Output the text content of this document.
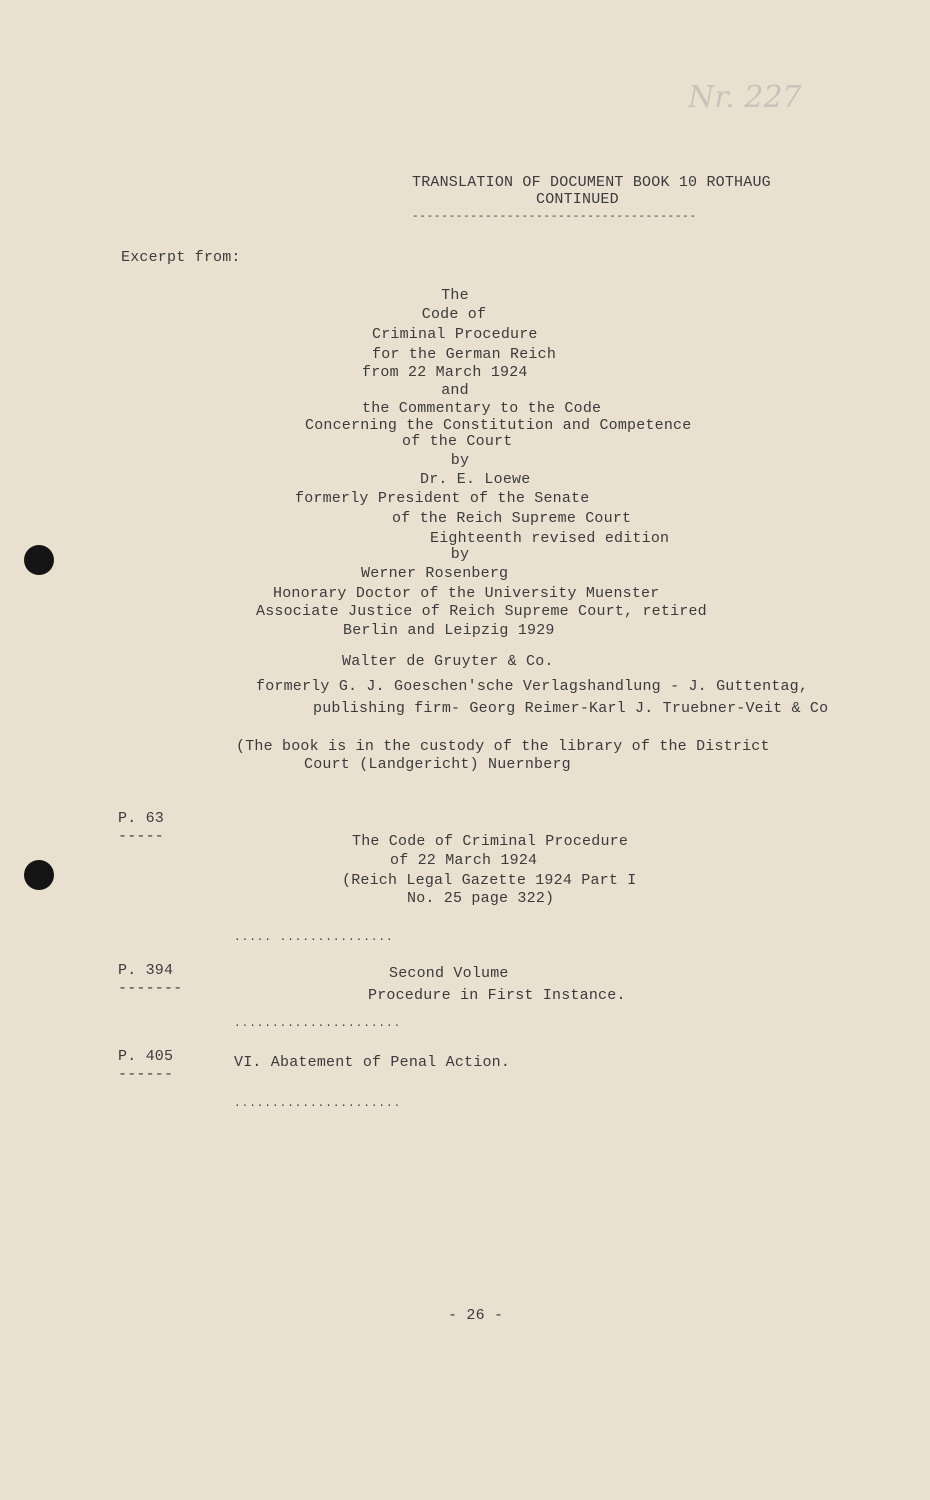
Nr. 227
TRANSLATION OF DOCUMENT BOOK 10 ROTHAUG
CONTINUED
---------------------------------------
Excerpt from:
The
Code of
Criminal Procedure
for the German Reich
from 22 March 1924
and
the Commentary to the Code
Concerning the Constitution and Competence
of the Court
by
Dr. E. Loewe
formerly President of the Senate
of the Reich Supreme Court
Eighteenth revised edition
by
Werner Rosenberg
Honorary Doctor of the University Muenster
Associate Justice of Reich Supreme Court, retired
Berlin and Leipzig 1929
Walter de Gruyter & Co.
formerly G. J. Goeschen'sche Verlagshandlung - J. Guttentag,
publishing firm- Georg Reimer-Karl J. Truebner-Veit & Co
(The book is in the custody of the library of the District
Court (Landgericht) Nuernberg
P. 63
-----	The Code of Criminal Procedure
of 22 March 1924
(Reich Legal Gazette 1924 Part I
No. 25 page 322)
..... ...............
P. 394
-------
Second Volume
Procedure in First Instance.
......................
P. 405
------
VI. Abatement of Penal Action.
......................
- 26 -
